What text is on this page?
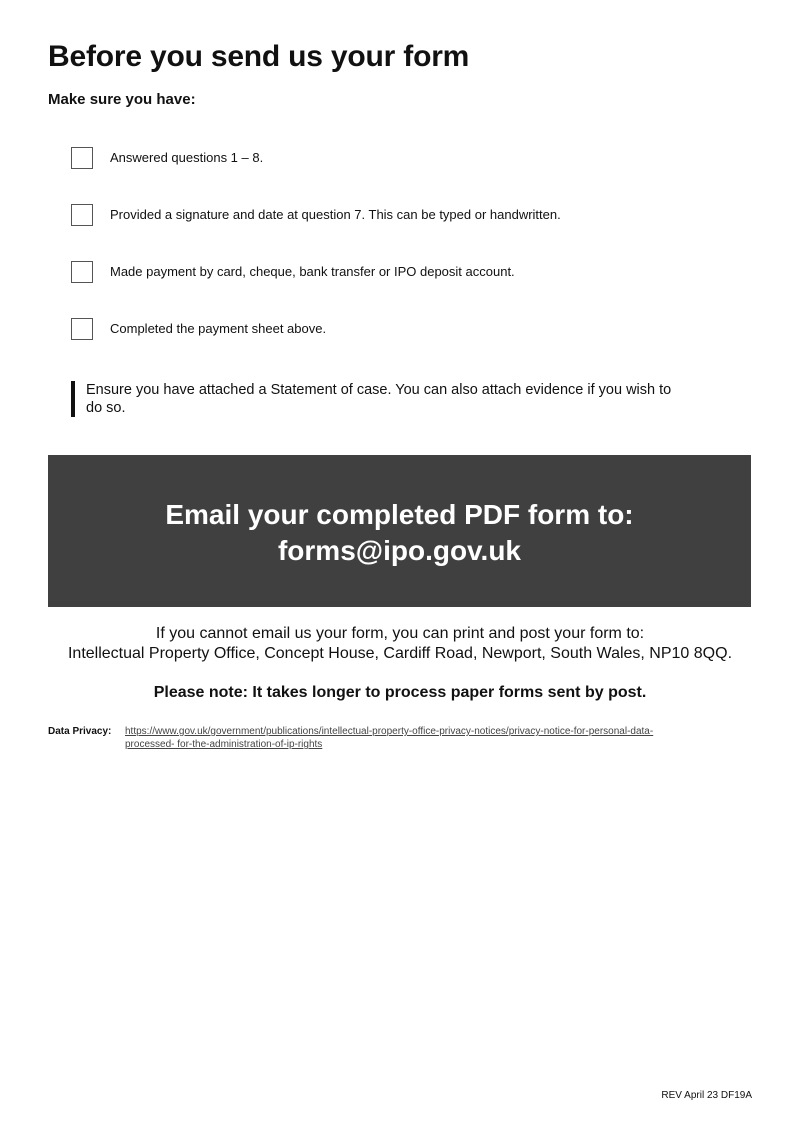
Before you send us your form

Make sure you have:

Answered questions 1 – 8.
Provided a signature and date at question 7. This can be typed or handwritten.
Made payment by card, cheque, bank transfer or IPO deposit account.
Completed the payment sheet above.
Ensure you have attached a Statement of case. You can also attach evidence if you wish to do so.
Email your completed PDF form to:
forms@ipo.gov.uk
If you cannot email us your form, you can print and post your form to:
Intellectual Property Office, Concept House, Cardiff Road, Newport, South Wales, NP10 8QQ.
Please note: It takes longer to process paper forms sent by post.
Data Privacy: https://www.gov.uk/government/publications/intellectual-property-office-privacy-notices/privacy-notice-for-personal-data-
processed- for-the-administration-of-ip-rights
REV April 23 DF19A
